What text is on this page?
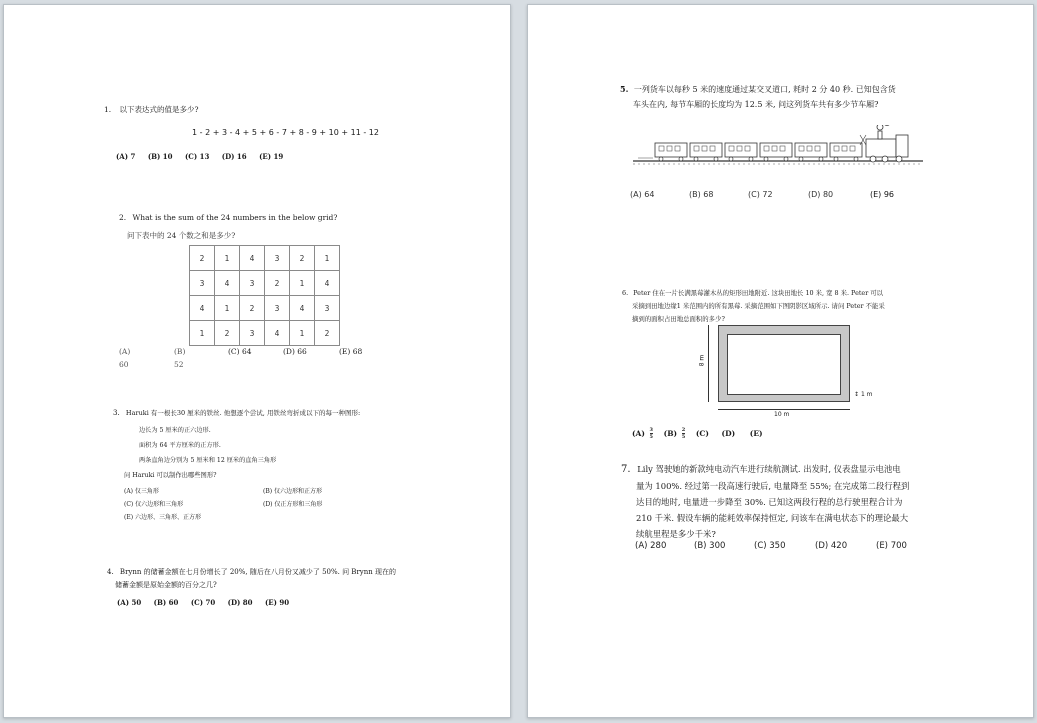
1. 以下表达式的值是多少?
1 - 2 + 3 - 4 + 5 + 6 - 7 + 8 - 9 + 10 + 11 - 12
(A) 7 (B) 10 (C) 13 (D) 16 (E) 19
2. What is the sum of the 24 numbers in the below grid?
问下表中的 24 个数之和是多少?
2	1	4	3	2	1
3	4	3	2	1	4
4	1	2	3	4	3
1	2	3	4	1	2
(A) 60
(B) 52
(C) 64	(D) 66	(E) 68
3. Haruki 有一根长30 厘米的铁丝. 他想逐个尝试, 用铁丝弯折成以下的每一种图形:
边长为 5 厘米的正六边形.
面积为 64 平方厘米的正方形.
两条直角边分别为 5 厘米和 12 厘米的直角三角形
问 Haruki 可以制作出哪些图形?
(A) 仅三角形	(B) 仅六边形和正方形
(C) 仅六边形和三角形	(D) 仅正方形和三角形
(E) 六边形、三角形、正方形
4. Brynn 的储蓄金额在七月份增长了 20%, 随后在八月份又减少了 50%. 问 Brynn 现在的
储蓄金额是原始金额的百分之几?
(A) 50 (B) 60 (C) 70 (D) 80 (E) 90
5. 一列货车以每秒 5 米的速度通过某交叉道口, 耗时 2 分 40 秒. 已知包含货
车头在内, 每节车厢的长度均为 12.5 米, 问这列货车共有多少节车厢?
(A) 64	(B) 68	(C) 72	(D) 80	(E) 96
6. Peter 住在一片长满黑莓灌木丛的矩形田地附近. 这块田地长 10 米, 宽 8 米. Peter 可以
采摘到田地边缘1 米范围内的所有黑莓. 采摘范围如下图阴影区域所示. 请问 Peter 不能采
摘到的面积占田地总面积的多少?
8 m
10 m
↕ 1 m
$(A) \frac{3}{5} (B) \frac{2}{5} (C)$ (D) (E)
7. Lily 驾驶她的新款纯电动汽车进行续航测试. 出发时, 仪表盘显示电池电
量为 100%. 经过第一段高速行驶后, 电量降至 55%; 在完成第二段行程到
达目的地时, 电量进一步降至 30%. 已知这两段行程的总行驶里程合计为
210 千米. 假设车辆的能耗效率保持恒定, 问该车在满电状态下的理论最大
续航里程是多少千米?
(A) 280	(B) 300	(C) 350	(D) 420	(E) 700
